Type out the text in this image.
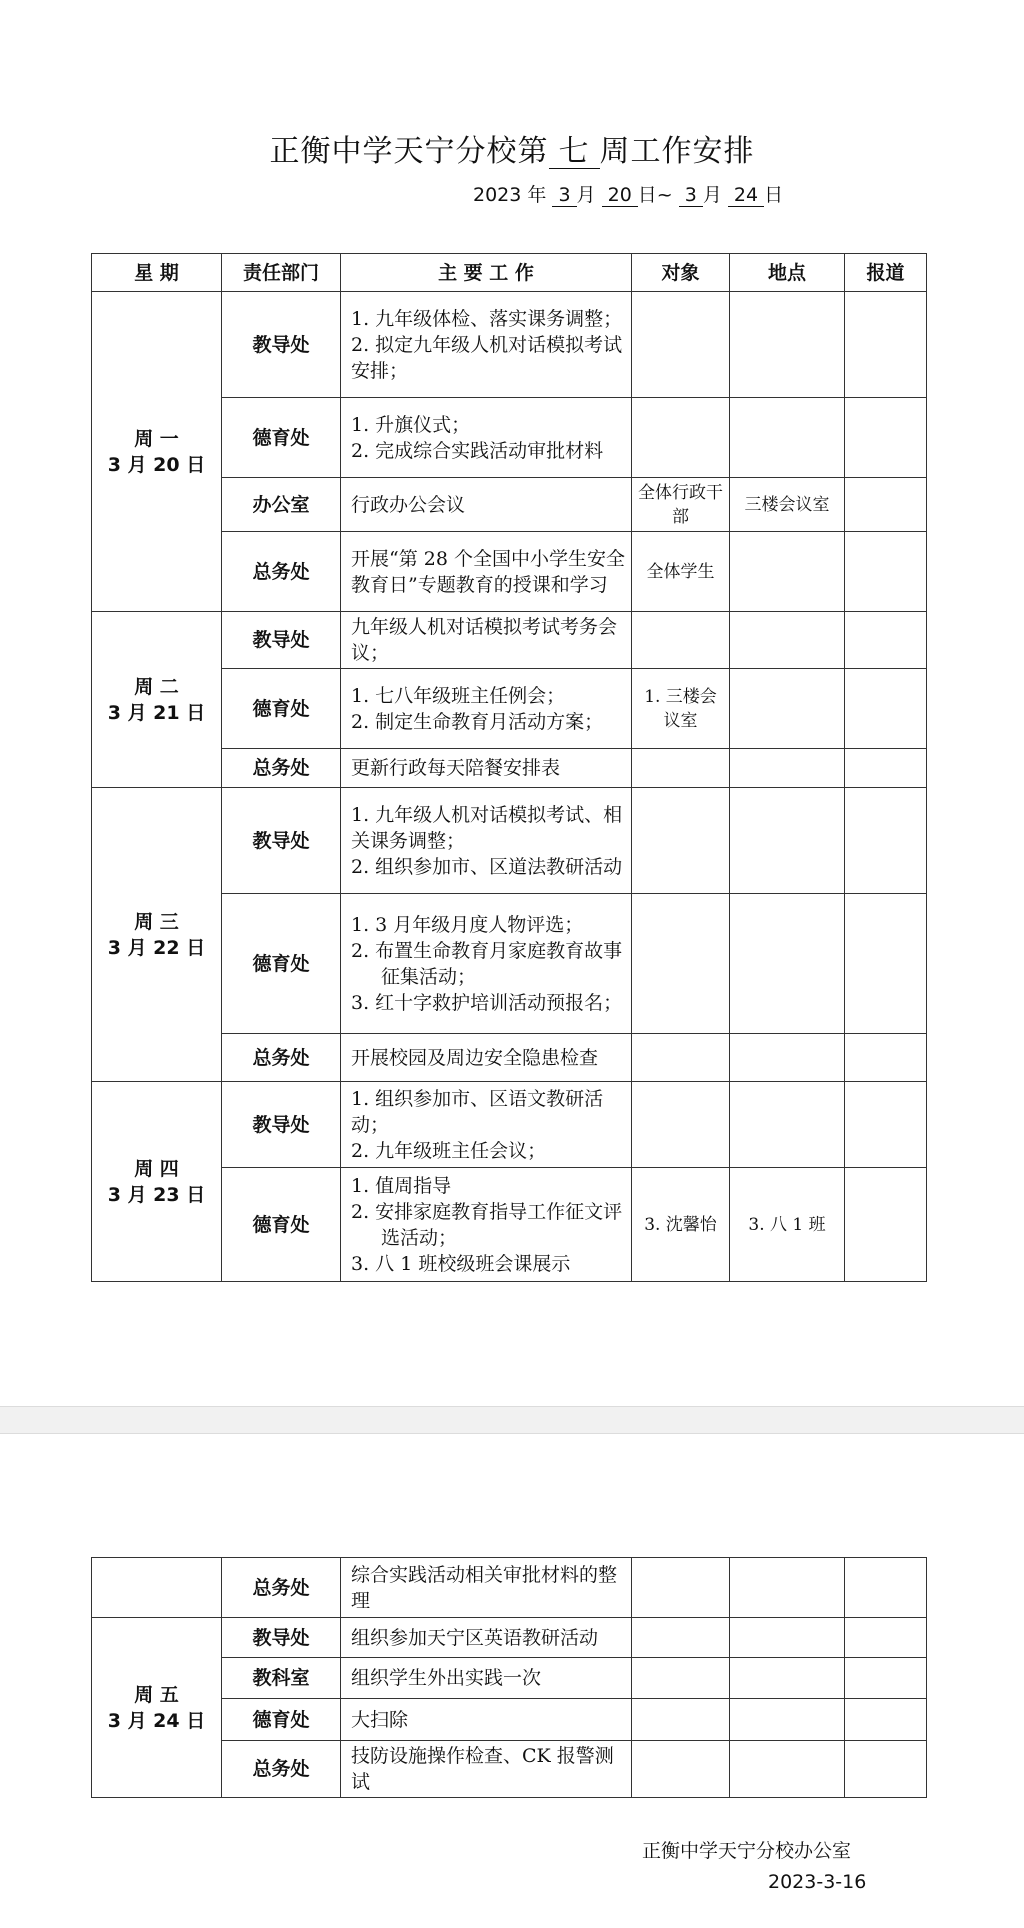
正衡中学天宁分校第 七 周工作安排
2023 年 3 月 20 日~ 3 月 24 日
星 期	责任部门	主 要 工 作	对象	地点	报道

周 一
3 月 20 日	教导处	1. 九年级体检、落实课务调整；
2. 拟定九年级人机对话模拟考试安排；			

	德育处	1. 升旗仪式；
2. 完成综合实践活动审批材料			

	办公室	行政办公会议	全体行政干部	三楼会议室	
	总务处	开展“第 28 个全国中小学生安全教育日”专题教育的授课和学习	全体学生		

周 二
3 月 21 日	教导处	九年级人机对话模拟考试考务会议；			

	德育处	1. 七八年级班主任例会；
2. 制定生命教育月活动方案；	1. 三楼会议室		
	总务处	更新行政每天陪餐安排表			

周 三
3 月 22 日	教导处	1. 九年级人机对话模拟考试、相关课务调整；
2. 组织参加市、区道法教研活动			

	德育处	1. 3 月年级月度人物评选；
2. 布置生命教育月家庭教育故事征集活动；
3. 红十字救护培训活动预报名；			

	总务处	开展校园及周边安全隐患检查			

周 四
3 月 23 日	教导处	1. 组织参加市、区语文教研活动；
2. 九年级班主任会议；			

	德育处	1. 值周指导
2. 安排家庭教育指导工作征文评选活动；
3. 八 1 班校级班会课展示	3. 沈馨怡	3. 八 1 班	
	总务处	综合实践活动相关审批材料的整理			

周 五
3 月 24 日	教导处	组织参加天宁区英语教研活动			

	教科室	组织学生外出实践一次			

	德育处	大扫除			

	总务处	技防设施操作检查、CK 报警测试			

正衡中学天宁分校办公室
2023-3-16
